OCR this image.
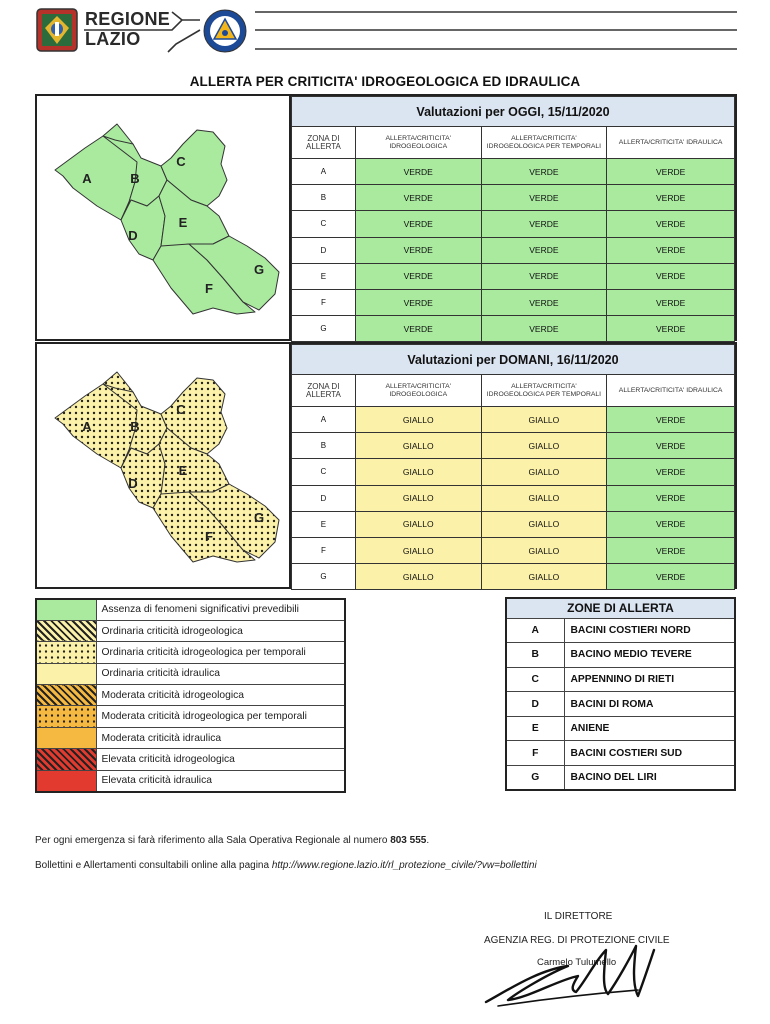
REGIONE
LAZIO
ALLERTA PER CRITICITA' IDROGEOLOGICA ED IDRAULICA
A	B
C
D
E
F
G
Valutazioni per OGGI, 15/11/2020			
ZONA DI ALLERTA	ALLERTA/CRITICITA' IDROGEOLOGICA	ALLERTA/CRITICITA' IDROGEOLOGICA PER TEMPORALI	ALLERTA/CRITICITA' IDRAULICA
A	VERDE	VERDE	VERDE
B	VERDE	VERDE	VERDE
C	VERDE	VERDE	VERDE
D	VERDE	VERDE	VERDE
E	VERDE	VERDE	VERDE
F	VERDE	VERDE	VERDE
G	VERDE	VERDE	VERDE
A	B
C
D
E
F
G
Valutazioni per DOMANI, 16/11/2020			
ZONA DI ALLERTA	ALLERTA/CRITICITA' IDROGEOLOGICA	ALLERTA/CRITICITA' IDROGEOLOGICA PER TEMPORALI	ALLERTA/CRITICITA' IDRAULICA
A	GIALLO	GIALLO	VERDE
B	GIALLO	GIALLO	VERDE
C	GIALLO	GIALLO	VERDE
D	GIALLO	GIALLO	VERDE
E	GIALLO	GIALLO	VERDE
F	GIALLO	GIALLO	VERDE
G	GIALLO	GIALLO	VERDE
	Assenza di fenomeni significativi prevedibili
	Ordinaria criticità idrogeologica
	Ordinaria criticità idrogeologica per temporali
	Ordinaria criticità idraulica
	Moderata criticità idrogeologica
	Moderata criticità idrogeologica per temporali
	Moderata criticità idraulica
	Elevata criticità idrogeologica
	Elevata criticità idraulica
ZONE DI ALLERTA	
A	BACINI COSTIERI NORD
B	BACINO MEDIO TEVERE
C	APPENNINO DI RIETI
D	BACINI DI ROMA
E	ANIENE
F	BACINI COSTIERI SUD
G	BACINO DEL LIRI
Per ogni emergenza si farà riferimento alla Sala Operativa Regionale al numero 803 555.
Bollettini e Allertamenti consultabili online alla pagina http://www.regione.lazio.it/rl_protezione_civile/?vw=bollettini
IL DIRETTORE
AGENZIA REG. DI PROTEZIONE CIVILE
Carmelo Tulumello
